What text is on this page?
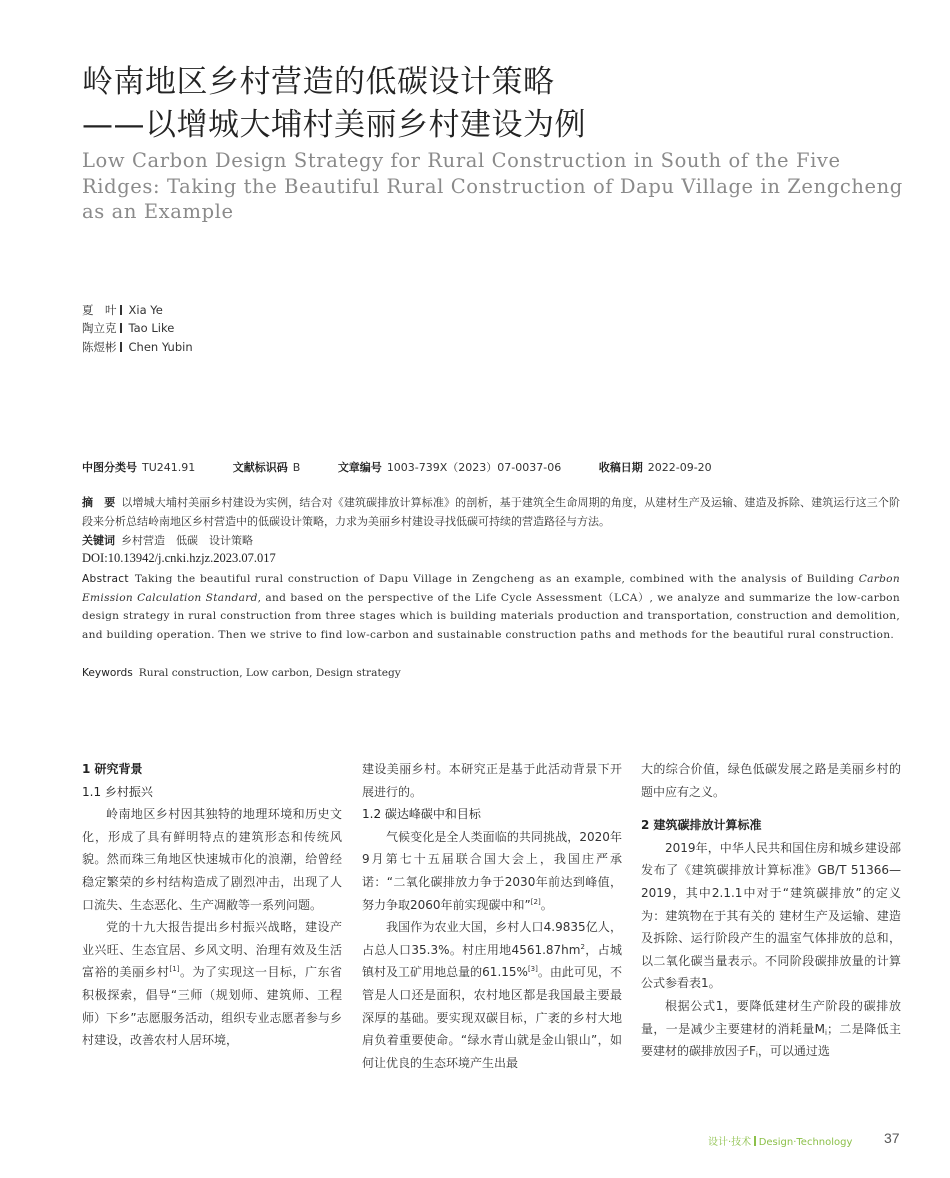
岭南地区乡村营造的低碳设计策略
——以增城大埔村美丽乡村建设为例
Low Carbon Design Strategy for Rural Construction in South of the Five Ridges: Taking the Beautiful Rural Construction of Dapu Village in Zengcheng as an Example
夏　叶 Xia Ye
陶立克 Tao Like
陈煜彬 Chen Yubin
中图分类号 TU241.91	文献标识码 B	文章编号 1003-739X（2023）07-0037-06	收稿日期 2022-09-20
摘　要 以增城大埔村美丽乡村建设为实例，结合对《建筑碳排放计算标准》的剖析，基于建筑全生命周期的角度，从建材生产及运输、建造及拆除、建筑运行这三个阶段来分析总结岭南地区乡村营造中的低碳设计策略，力求为美丽乡村建设寻找低碳可持续的营造路径与方法。
关键词 乡村营造　低碳　设计策略
DOI:10.13942/j.cnki.hzjz.2023.07.017
Abstract Taking the beautiful rural construction of Dapu Village in Zengcheng as an example, combined with the analysis of Building Carbon Emission Calculation Standard, and based on the perspective of the Life Cycle Assessment（LCA）, we analyze and summarize the low-carbon design strategy in rural construction from three stages which is building materials production and transportation, construction and demolition, and building operation. Then we strive to find low-carbon and sustainable construction paths and methods for the beautiful rural construction.
Keywords Rural construction, Low carbon, Design strategy
1 研究背景
1.1 乡村振兴

岭南地区乡村因其独特的地理环境和历史文化，形成了具有鲜明特点的建筑形态和传统风貌。然而珠三角地区快速城市化的浪潮，给曾经稳定繁荣的乡村结构造成了剧烈冲击，出现了人口流失、生态恶化、生产凋敝等一系列问题。

党的十九大报告提出乡村振兴战略，建设产业兴旺、生态宜居、乡风文明、治理有效及生活富裕的美丽乡村[1]。为了实现这一目标，广东省积极探索，倡导“三师（规划师、建筑师、工程师）下乡”志愿服务活动，组织专业志愿者参与乡村建设，改善农村人居环境，

建设美丽乡村。本研究正是基于此活动背景下开展进行的。

1.2 碳达峰碳中和目标

气候变化是全人类面临的共同挑战，2020年9月第七十五届联合国大会上，我国庄严承诺：“二氧化碳排放力争于2030年前达到峰值，努力争取2060年前实现碳中和”[2]。

我国作为农业大国，乡村人口4.9835亿人，占总人口35.3%。村庄用地$4561.87hm^2$，占城镇村及工矿用地总量的61.15%[3]。由此可见，不管是人口还是面积，农村地区都是我国最主要最深厚的基础。要实现双碳目标，广袤的乡村大地肩负着重要使命。“绿水青山就是金山银山”，如何让优良的生态环境产生出最

大的综合价值，绿色低碳发展之路是美丽乡村的题中应有之义。

2 建筑碳排放计算标准

2019年，中华人民共和国住房和城乡建设部发布了《建筑碳排放计算标准》GB/T 51366—2019，其中2.1.1中对于“建筑碳排放”的定义为：建筑物在于其有关的 建材生产及运输、建造及拆除、运行阶段产生的温室气体排放的总和，以二氧化碳当量表示。不同阶段碳排放量的计算公式参看表1。

根据公式1，要降低建材生产阶段的碳排放量，一是减少主要建材的消耗量$M_i$；二是降低主要建材的碳排放因子$F_i$，可以通过选

设计·技术 Design·Technology 37
